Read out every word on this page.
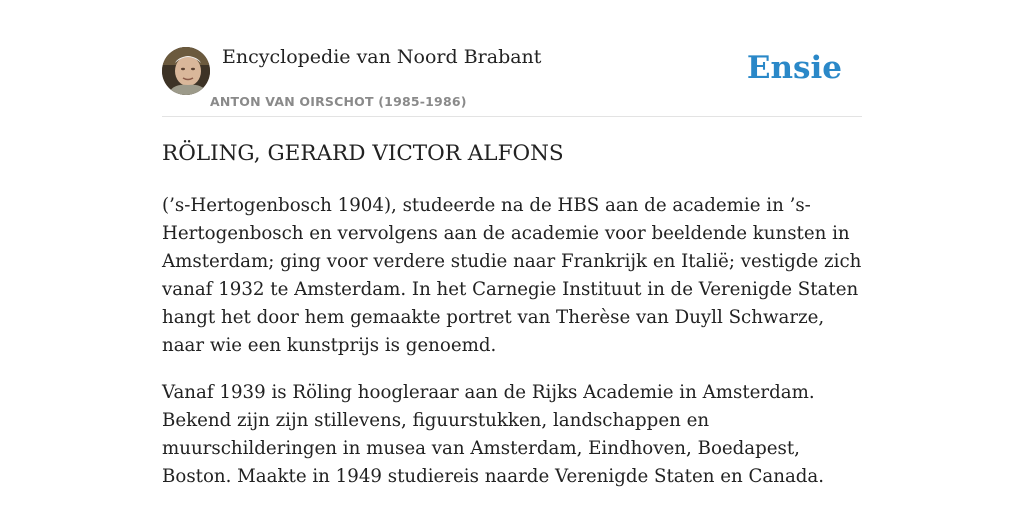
Encyclopedie van Noord Brabant
ANTON VAN OIRSCHOT (1985-1986)
Ensie
RÖLING, GERARD VICTOR ALFONS

(’s-Hertogenbosch 1904), studeerde na de HBS aan de academie in ’s-Hertogenbosch en vervolgens aan de academie voor beeldende kunsten in Amsterdam; ging voor verdere studie naar Frankrijk en Italië; vestigde zich vanaf 1932 te Amsterdam. In het Carnegie Instituut in de Verenigde Staten hangt het door hem gemaakte portret van Therèse van Duyll Schwarze, naar wie een kunstprijs is genoemd.

Vanaf 1939 is Röling hoogleraar aan de Rijks Academie in Amsterdam. Bekend zijn zijn stillevens, figuurstukken, landschappen en muurschilderingen in musea van Amsterdam, Eindhoven, Boedapest, Boston. Maakte in 1949 studiereis naarde Verenigde Staten en Canada.
